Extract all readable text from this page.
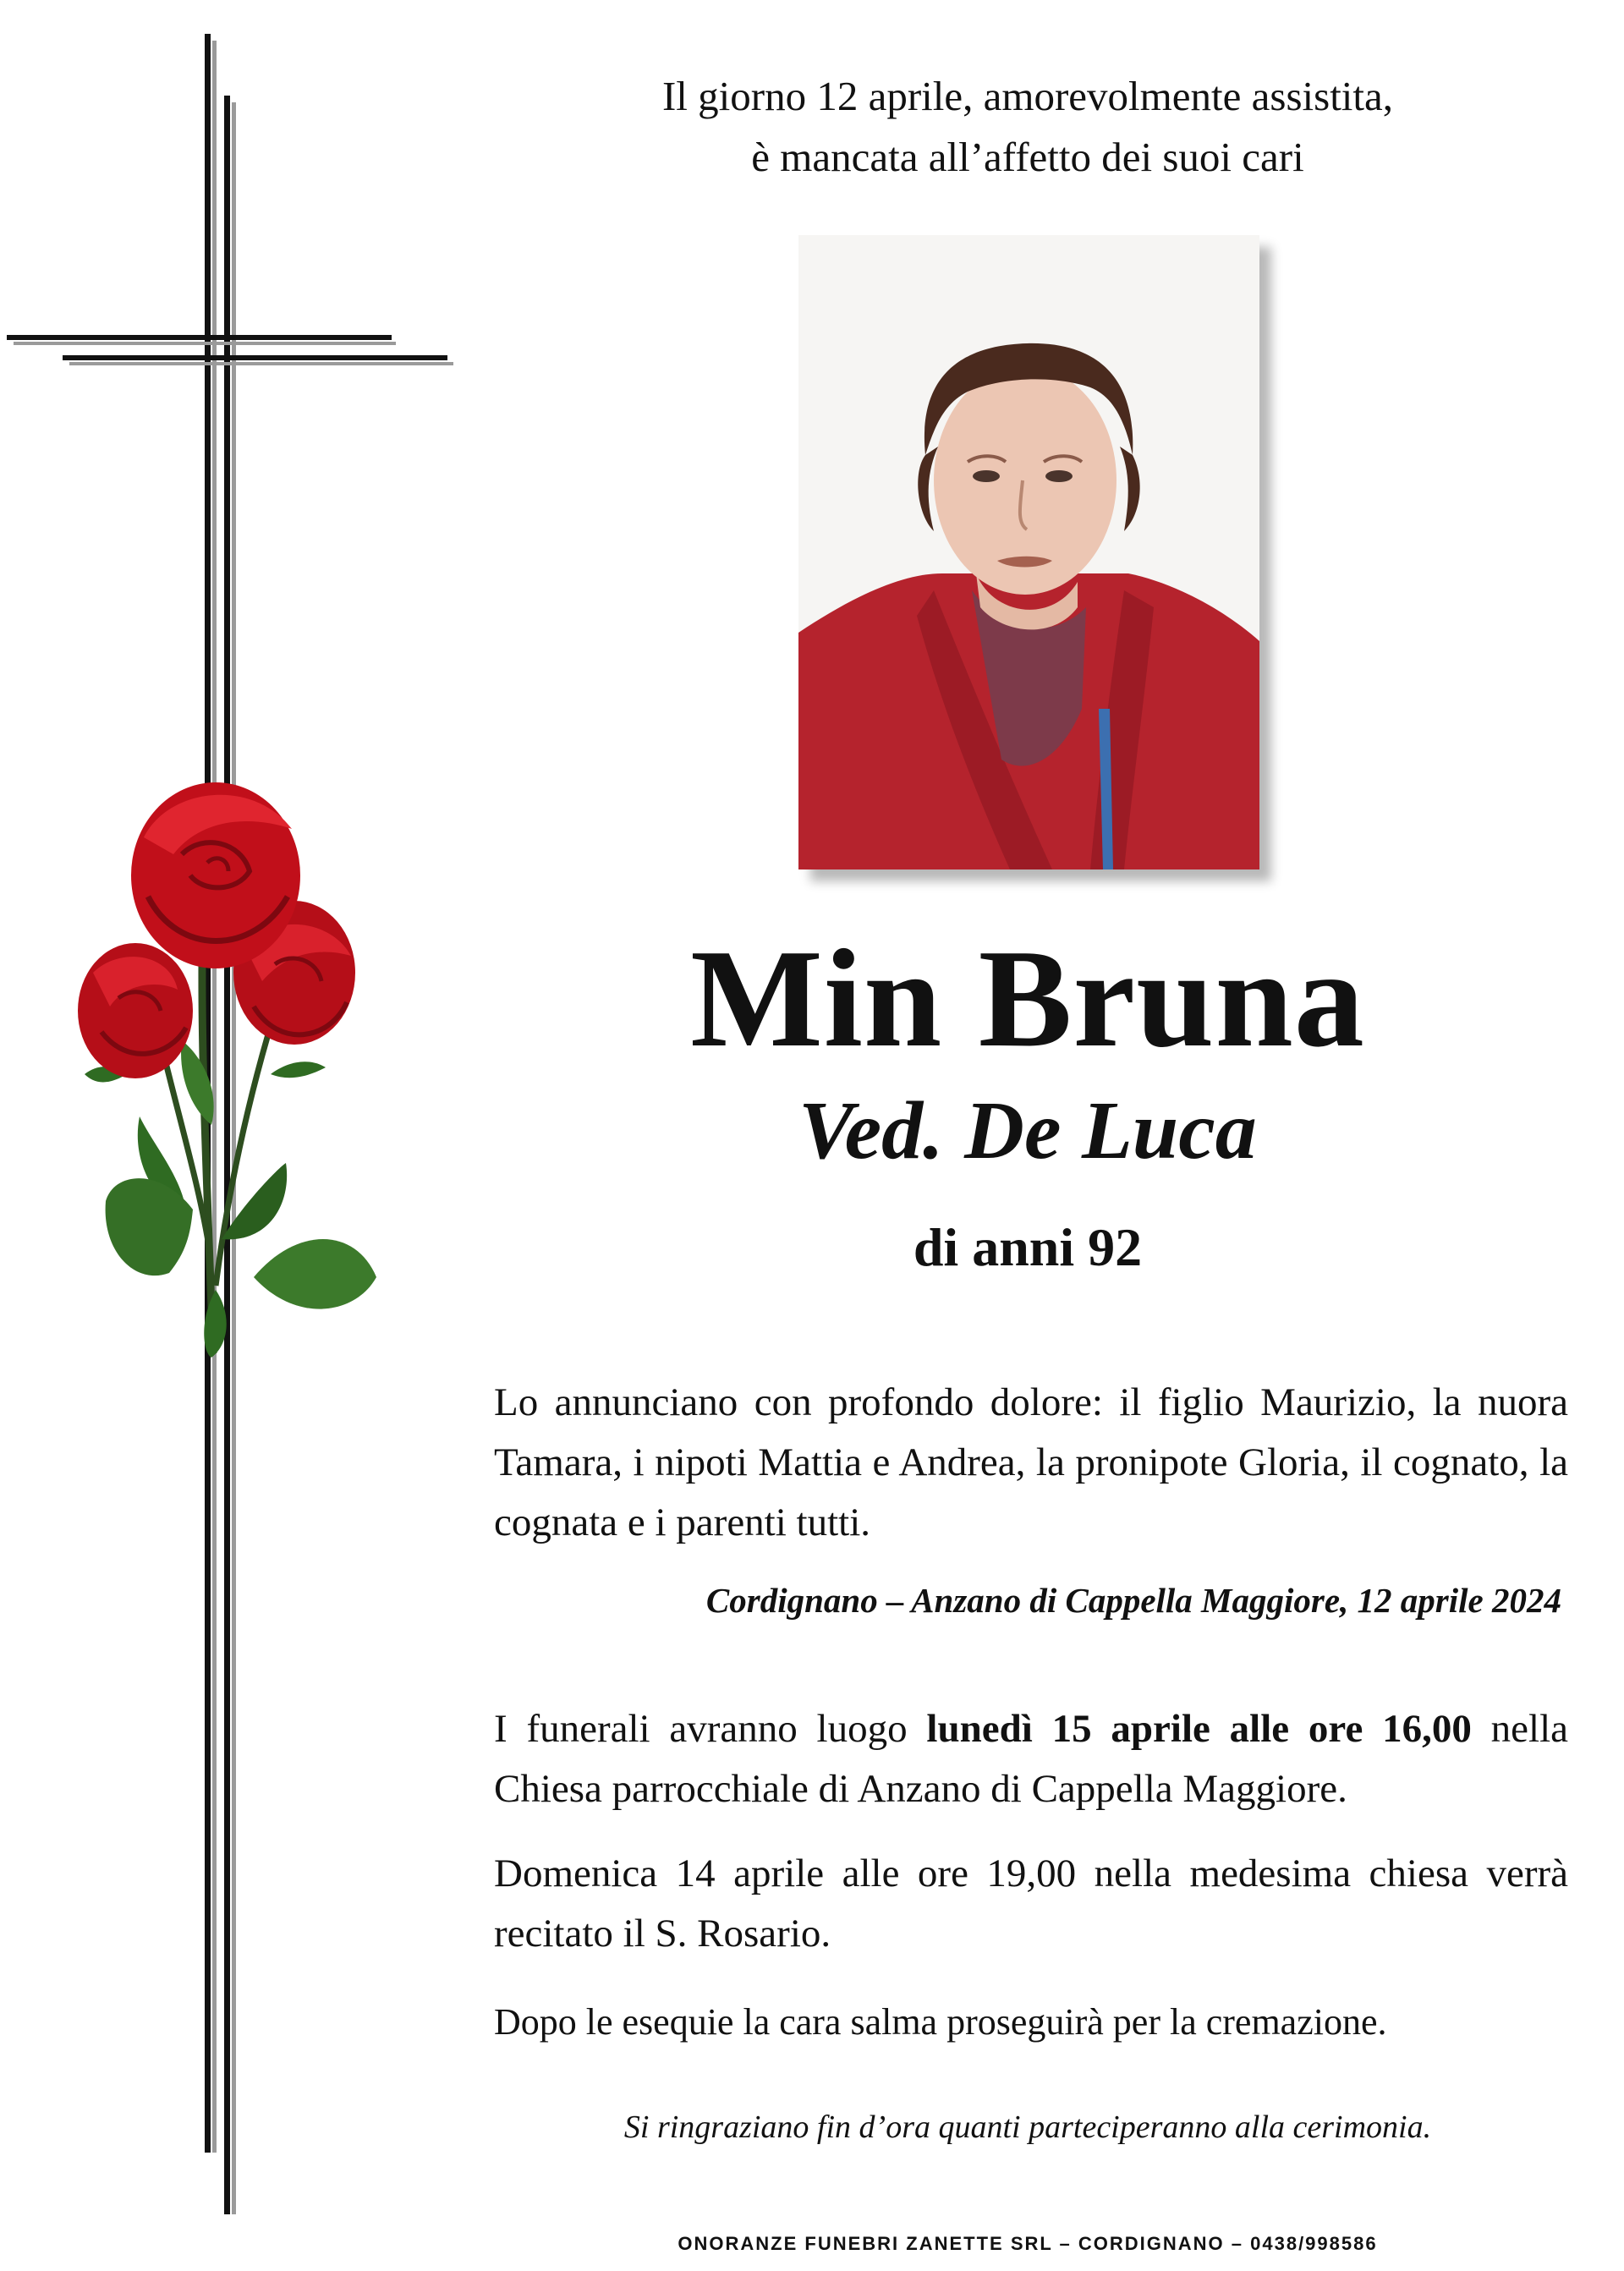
Il giorno 12 aprile, amorevolmente assistita,
è mancata all’affetto dei suoi cari
Min Bruna
Ved. De Luca
di anni 92
Lo annunciano con profondo dolore: il figlio Maurizio, la nuora Tamara, i nipoti Mattia e Andrea, la pronipote Gloria, il cognato, la cognata e i parenti tutti.
Cordignano – Anzano di Cappella Maggiore, 12 aprile 2024
I funerali avranno luogo lunedì 15 aprile alle ore 16,00 nella Chiesa parrocchiale di Anzano di Cappella Maggiore.
Domenica 14 aprile alle ore 19,00 nella medesima chiesa verrà recitato il S. Rosario.
Dopo le esequie la cara salma proseguirà per la cremazione.
Si ringraziano fin d’ora quanti parteciperanno alla cerimonia.
ONORANZE FUNEBRI ZANETTE SRL – CORDIGNANO – 0438/998586
